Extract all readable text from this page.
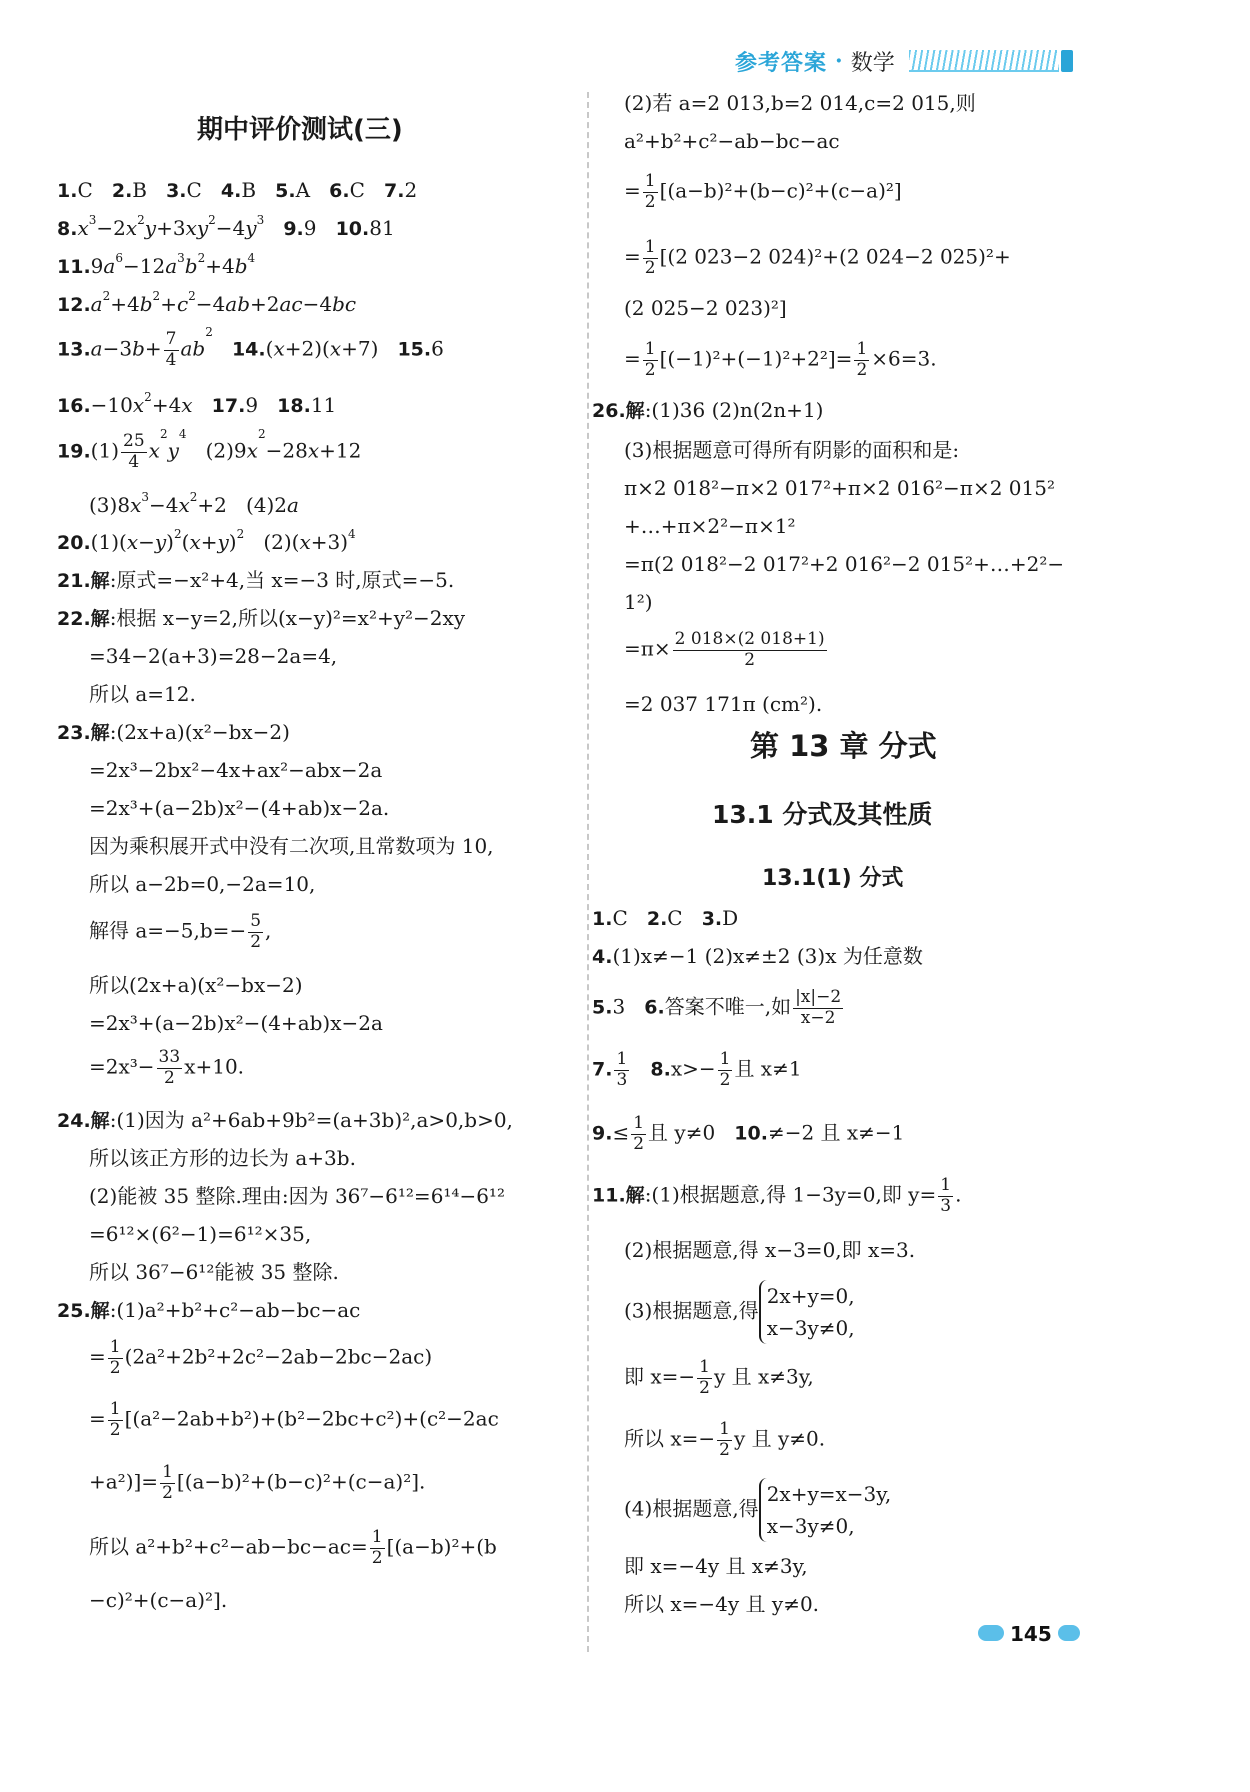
参考答案 · 数学
期中评价测试(三)
1.C 2.B 3.C 4.B 5.A 6.C 7.2
$8.x^3-2x^2y+3xy^2-4y^3$ 9.9 10.81
$11.9a^6-12a^3b^2+4b^4$
$12.a^2+4b^2+c^2-4ab+2ac-4bc$
$13.a-3b+ \frac{7}{4} ab^2$   14.(x+2)(x+7)   15.6
$16.-10x^2+4x$ 17.9 18.11
$19.(1) \frac{25}{4} x^2y^4$   $(2)9x^2-28x+12$
$(3)8x^3-4x^2+2$   (4)2a
$20.(1)(x-y)^2(x+y)^2$   $(2)(x+3)^4$
21.解:原式=−x²+4,当 x=−3 时,原式=−5.
22.解:根据 x−y=2,所以(x−y)²=x²+y²−2xy
=34−2(a+3)=28−2a=4,
所以 a=12.
23.解:(2x+a)(x²−bx−2)
=2x³−2bx²−4x+ax²−abx−2a
=2x³+(a−2b)x²−(4+ab)x−2a.
因为乘积展开式中没有二次项,且常数项为 10,
所以 a−2b=0,−2a=10,
解得 $a=-5,b=- \frac{5}{2}$ ,
所以(2x+a)(x²−bx−2)
=2x³+(a−2b)x²−(4+ab)x−2a
$=2x^3- \frac{33}{2} x+10$.
24.解:(1)因为 a²+6ab+9b²=(a+3b)²,a>0,b>0,
所以该正方形的边长为 a+3b.
(2)能被 35 整除.理由:因为 36⁷−6¹²=6¹⁴−6¹²
=6¹²×(6²−1)=6¹²×35,
所以 36⁷−6¹²能被 35 整除.
25.解:(1)a²+b²+c²−ab−bc−ac
= $\frac{1}{2} (2a^2+2b^2+2c^2-2ab-2bc-2ac)$
= $\frac{1}{2} [(a^2-2ab+b^2)+(b^2-2bc+c^2)+(c^2-2ac$
$+a^2)]= \frac{1}{2} [(a-b)^2+(b-c)^2+(c-a)^2]$.
所以 $a^2+b^2+c^2-ab-bc-ac= \frac{1}{2} [(a-b)^2+(b$
−c)²+(c−a)²].
(2)若 a=2 013,b=2 014,c=2 015,则
a²+b²+c²−ab−bc−ac
= $\frac{1}{2} [(a-b)^2+(b-c)^2+(c-a)^2]$
= $\frac{1}{2} [(2$ 023−2 024)²+(2 024−2 025)²+
(2 025−2 023)²]
= $\frac{1}{2} [(-1)^2+(-1)^2+2^2]= \frac{1}{2} \times 6=3$.
26.解:(1)36 (2)n(2n+1)
(3)根据题意可得所有阴影的面积和是:
π×2 018²−π×2 017²+π×2 016²−π×2 015²
+…+π×2²−π×1²
=π(2 018²−2 017²+2 016²−2 015²+…+2²−
1²)
$=\pi\times \frac{2 018\times(2 018+1)}{2}$
=2 037 171π (cm²).
第 13 章 分式
13.1 分式及其性质
13.1(1) 分式
1.C 2.C 3.D
4.(1)x≠−1 (2)x≠±2 (3)x 为任意数
5.3 6.答案不唯一,如 $\frac{|x|-2}{x-2}$
7. $\frac{1}{3} 8.x>- \frac{1}{2}$ 且 x≠1
$9.\le \frac{1}{2}$ 且 y≠0 10.≠−2 且 x≠−1
11.解:(1)根据题意,得 1−3y=0,即 $y= \frac{1}{3}$ .
(2)根据题意,得 x−3=0,即 x=3.
(3)根据题意,得
2x+y=0,
x−3y≠0,
即 $x=- \frac{1}{2}$ y 且 x≠3y,
所以 $x=- \frac{1}{2}$ y 且 y≠0.
(4)根据题意,得
2x+y=x−3y,
x−3y≠0,
即 x=−4y 且 x≠3y,
所以 x=−4y 且 y≠0.
145
